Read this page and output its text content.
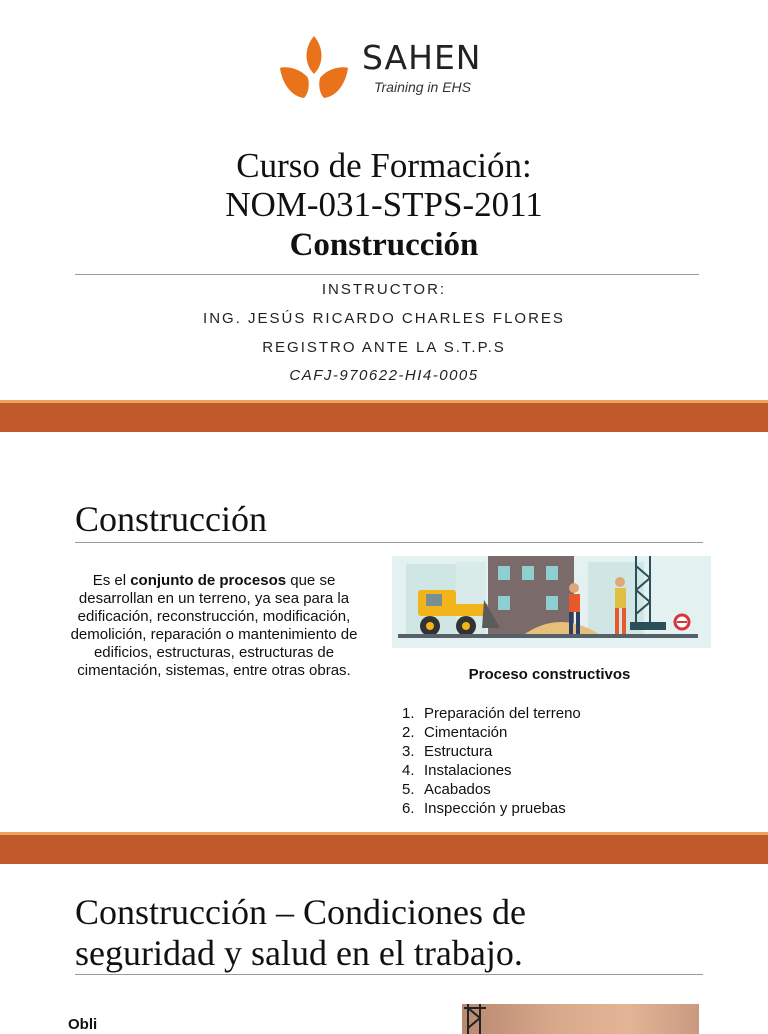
SAHEN
Training in EHS
Curso de Formación:
NOM-031-STPS-2011
Construcción
INSTRUCTOR:
ING. JESÚS RICARDO CHARLES FLORES
REGISTRO ANTE LA S.T.P.S
CAFJ-970622-HI4-0005
Construcción
Es el conjunto de procesos que se desarrollan en un terreno, ya sea para la edificación, reconstrucción, modificación, demolición, reparación o mantenimiento de edificios, estructuras, estructuras de cimentación, sistemas, entre otras obras.	Proceso constructivos
1. Preparación del terreno
2. Cimentación
3. Estructura
4. Instalaciones
5. Acabados
6. Inspección y pruebas
Construcción – Condiciones de
seguridad y salud en el trabajo.
Obli
